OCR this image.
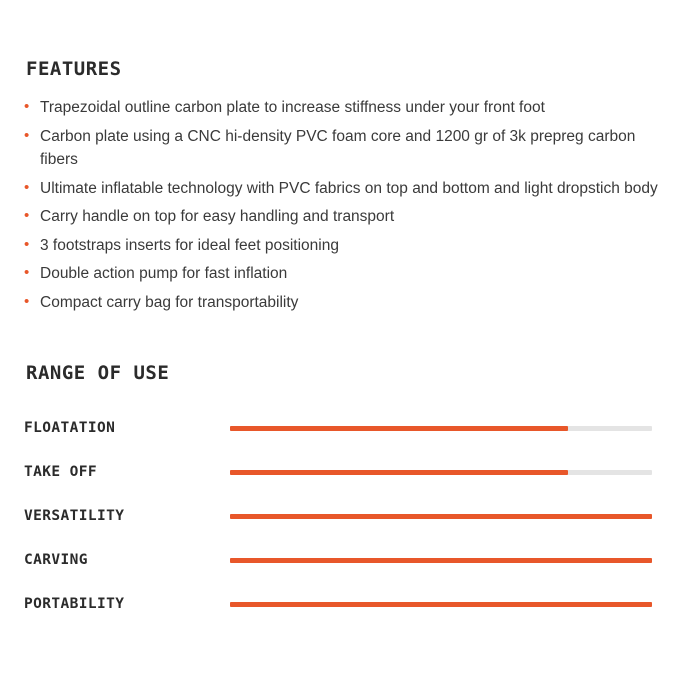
FEATURES
• Trapezoidal outline carbon plate to increase stiffness under your front foot
• Carbon plate using a CNC hi-density PVC foam core and 1200 gr of 3k prepreg carbon fibers
• Ultimate inflatable technology with PVC fabrics on top and bottom and light dropstich body
• Carry handle on top for easy handling and transport
• 3 footstraps inserts for ideal feet positioning
• Double action pump for fast inflation
• Compact carry bag for transportability
RANGE OF USE
FLOATATION
TAKE OFF
VERSATILITY
CARVING
PORTABILITY
